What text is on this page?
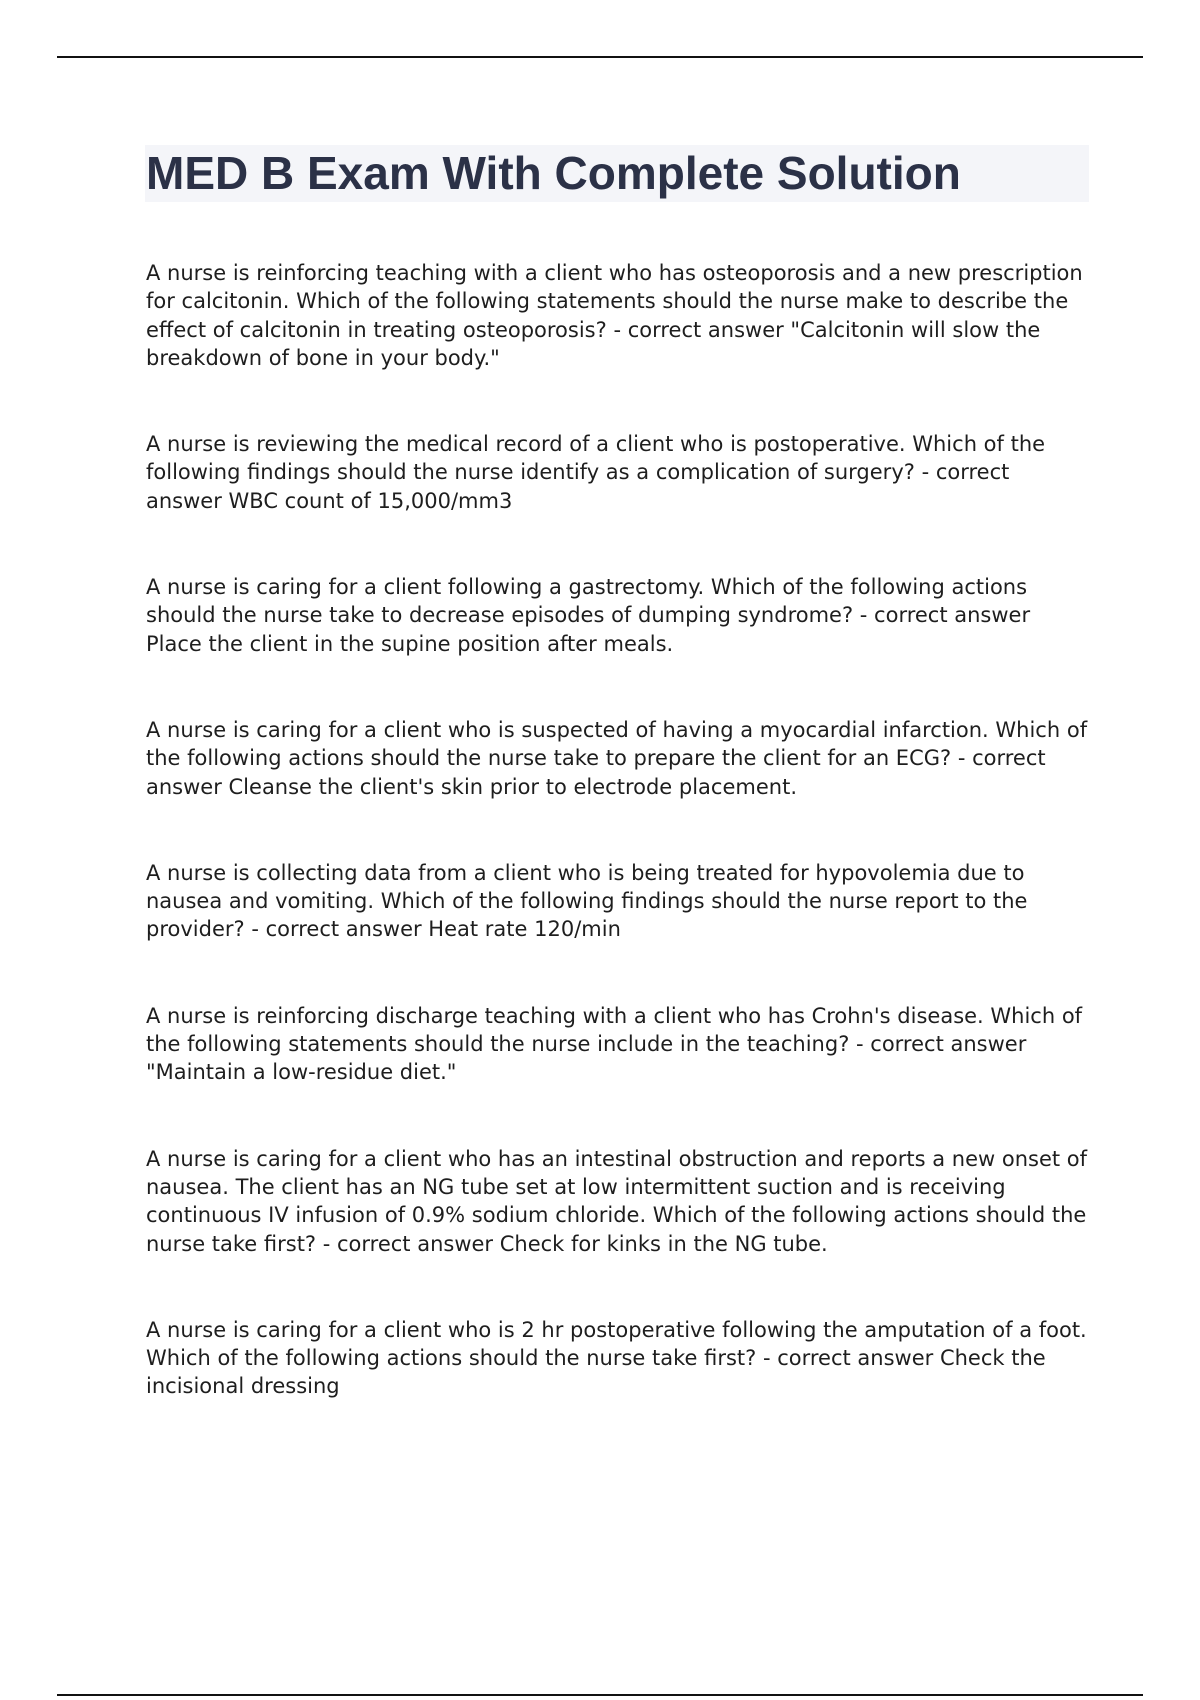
MED B Exam With Complete Solution

A nurse is reinforcing teaching with a client who has osteoporosis and a new prescription for calcitonin. Which of the following statements should the nurse make to describe the effect of calcitonin in treating osteoporosis? - correct answer "Calcitonin will slow the breakdown of bone in your body."

A nurse is reviewing the medical record of a client who is postoperative. Which of the following findings should the nurse identify as a complication of surgery? - correct answer WBC count of 15,000/mm3

A nurse is caring for a client following a gastrectomy. Which of the following actions should the nurse take to decrease episodes of dumping syndrome? - correct answer Place the client in the supine position after meals.

A nurse is caring for a client who is suspected of having a myocardial infarction. Which of the following actions should the nurse take to prepare the client for an ECG? - correct answer Cleanse the client's skin prior to electrode placement.

A nurse is collecting data from a client who is being treated for hypovolemia due to nausea and vomiting. Which of the following findings should the nurse report to the provider? - correct answer Heat rate 120/min

A nurse is reinforcing discharge teaching with a client who has Crohn's disease. Which of the following statements should the nurse include in the teaching? - correct answer "Maintain a low-residue diet."

A nurse is caring for a client who has an intestinal obstruction and reports a new onset of nausea. The client has an NG tube set at low intermittent suction and is receiving continuous IV infusion of 0.9% sodium chloride. Which of the following actions should the nurse take first? - correct answer Check for kinks in the NG tube.

A nurse is caring for a client who is 2 hr postoperative following the amputation of a foot. Which of the following actions should the nurse take first? - correct answer Check the incisional dressing
